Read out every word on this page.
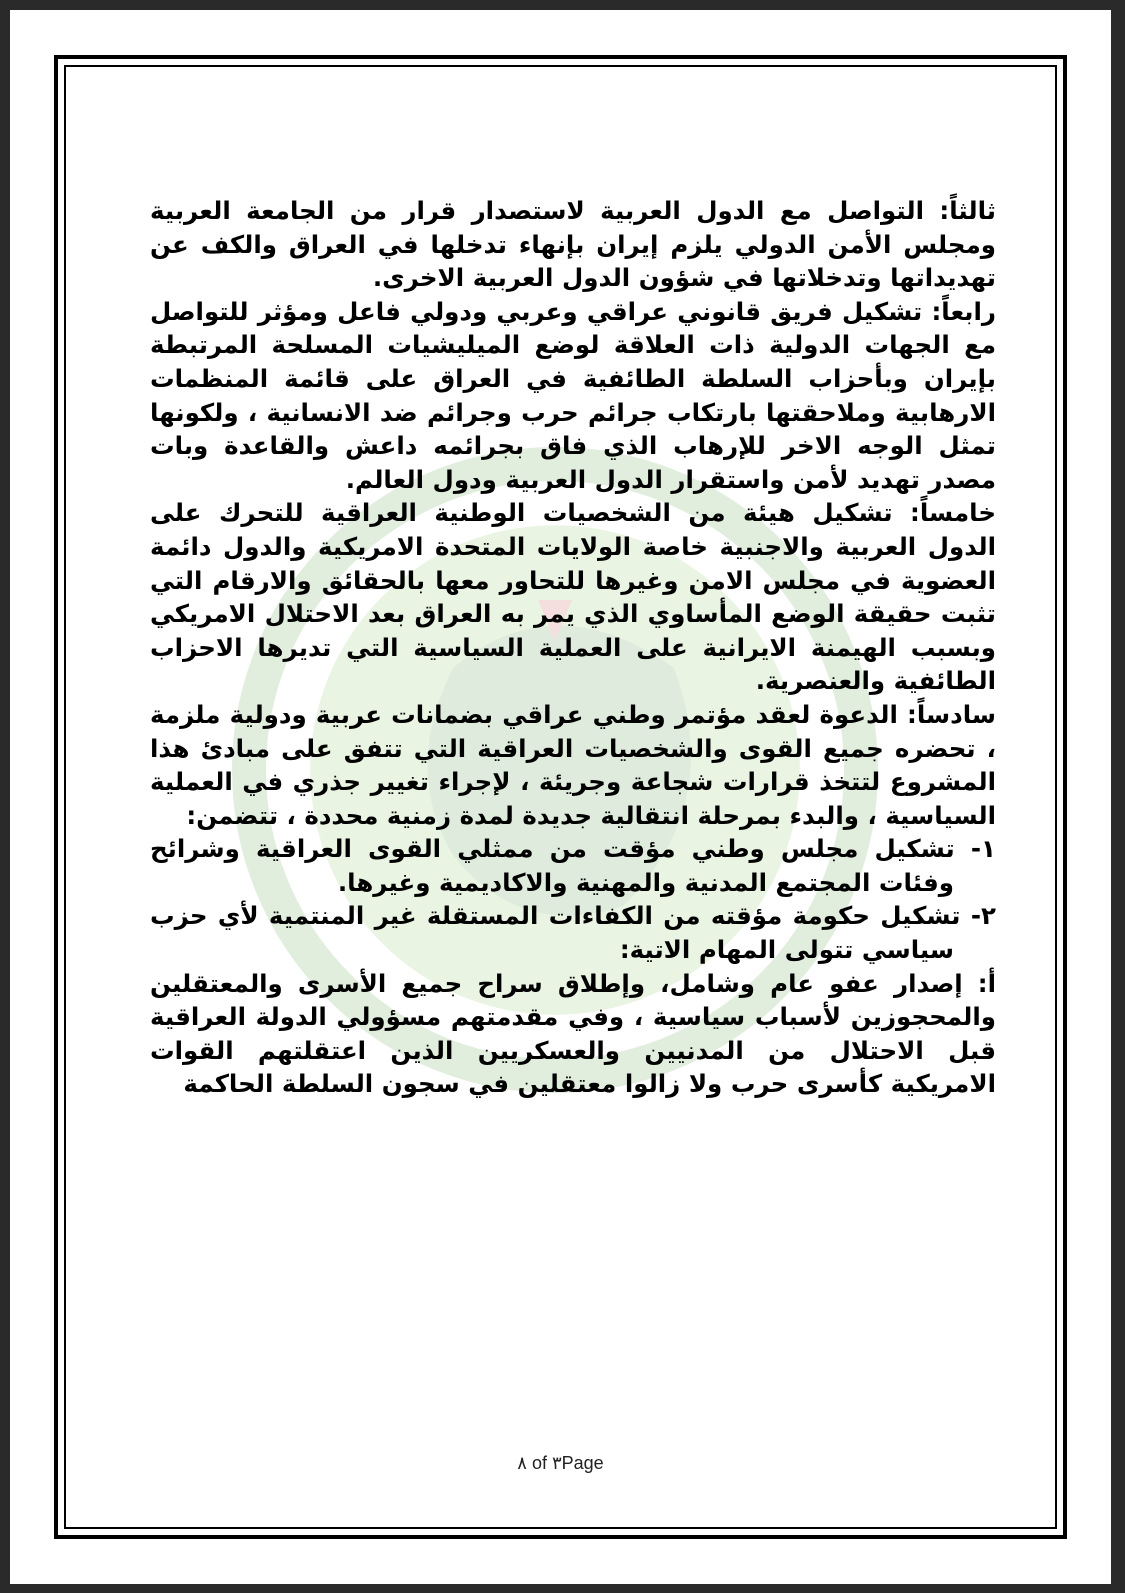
ثالثاً: التواصل مع الدول العربية لاستصدار قرار من الجامعة العربية ومجلس الأمن الدولي يلزم إيران بإنهاء تدخلها في العراق والكف عن تهديداتها وتدخلاتها في شؤون الدول العربية الاخرى.

رابعاً: تشكيل فريق قانوني عراقي وعربي ودولي فاعل ومؤثر للتواصل مع الجهات الدولية ذات العلاقة لوضع الميليشيات المسلحة المرتبطة بإيران وبأحزاب السلطة الطائفية في العراق على قائمة المنظمات الارهابية وملاحقتها بارتكاب جرائم حرب وجرائم ضد الانسانية ، ولكونها تمثل الوجه الاخر للإرهاب الذي فاق بجرائمه داعش والقاعدة وبات مصدر تهديد لأمن واستقرار الدول العربية ودول العالم.

خامساً: تشكيل هيئة من الشخصيات الوطنية العراقية للتحرك على الدول العربية والاجنبية خاصة الولايات المتحدة الامريكية والدول دائمة العضوية في مجلس الامن وغيرها للتحاور معها بالحقائق والارقام التي تثبت حقيقة الوضع المأساوي الذي يمر به العراق بعد الاحتلال الامريكي وبسبب الهيمنة الايرانية على العملية السياسية التي تديرها الاحزاب الطائفية والعنصرية.

سادساً: الدعوة لعقد مؤتمر وطني عراقي بضمانات عربية ودولية ملزمة ، تحضره جميع القوى والشخصيات العراقية التي تتفق على مبادئ هذا المشروع لتتخذ قرارات شجاعة وجريئة ، لإجراء تغيير جذري في العملية السياسية ، والبدء بمرحلة انتقالية جديدة لمدة زمنية محددة ، تتضمن:

١- تشكيل مجلس وطني مؤقت من ممثلي القوى العراقية وشرائح وفئات المجتمع المدنية والمهنية والاكاديمية وغيرها.

٢- تشكيل حكومة مؤقته من الكفاءات المستقلة غير المنتمية لأي حزب سياسي تتولى المهام الاتية:

أ: إصدار عفو عام وشامل، وإطلاق سراح جميع الأسرى والمعتقلين والمحجوزين لأسباب سياسية ، وفي مقدمتهم مسؤولي الدولة العراقية قبل الاحتلال من المدنيين والعسكريين الذين اعتقلتهم القوات الامريكية كأسرى حرب ولا زالوا معتقلين في سجون السلطة الحاكمة

٨ of ٣Page
